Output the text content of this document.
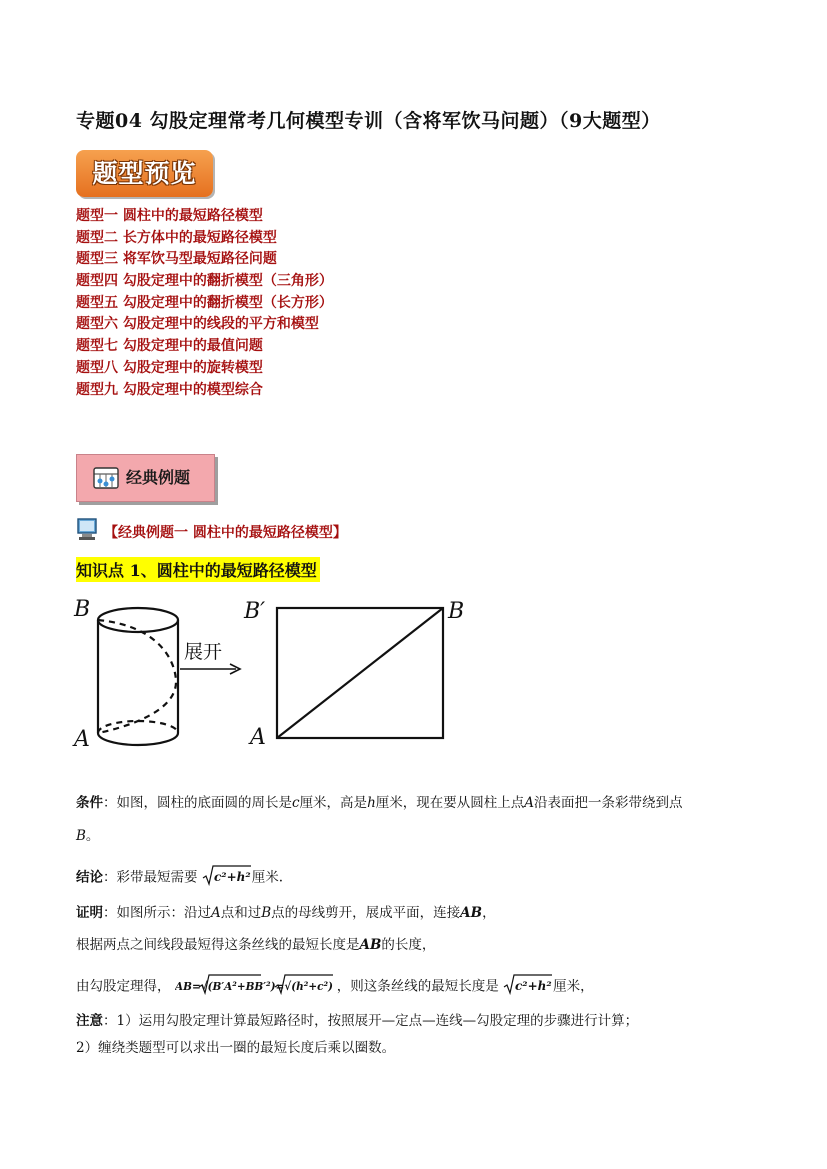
专题04 勾股定理常考几何模型专训（含将军饮马问题）（9大题型）
题型预览
题型一 圆柱中的最短路径模型
题型二 长方体中的最短路径模型
题型三 将军饮马型最短路径问题
题型四 勾股定理中的翻折模型（三角形）
题型五 勾股定理中的翻折模型（长方形）
题型六 勾股定理中的线段的平方和模型
题型七 勾股定理中的最值问题
题型八 勾股定理中的旋转模型
题型九 勾股定理中的模型综合
经典例题
【经典例题一 圆柱中的最短路径模型】
知识点 1、圆柱中的最短路径模型
B
A
B′	B
A
展开
条件：如图，圆柱的底面圆的周长是c厘米，高是h厘米，现在要从圆柱上点A沿表面把一条彩带绕到点
B。
结论：彩带最短需要 c²+h² 厘米.
证明：如图所示：沿过A点和过B点的母线剪开，展成平面，连接AB，
根据两点之间线段最短得这条丝线的最短长度是AB的长度，
由勾股定理得， AB=√(B′A²+BB′²)=√(h²+c²) ，则这条丝线的最短长度是 c²+h² 厘米，
注意：1）运用勾股定理计算最短路径时，按照展开—定点—连线—勾股定理的步骤进行计算；
2）缠绕类题型可以求出一圈的最短长度后乘以圈数。
